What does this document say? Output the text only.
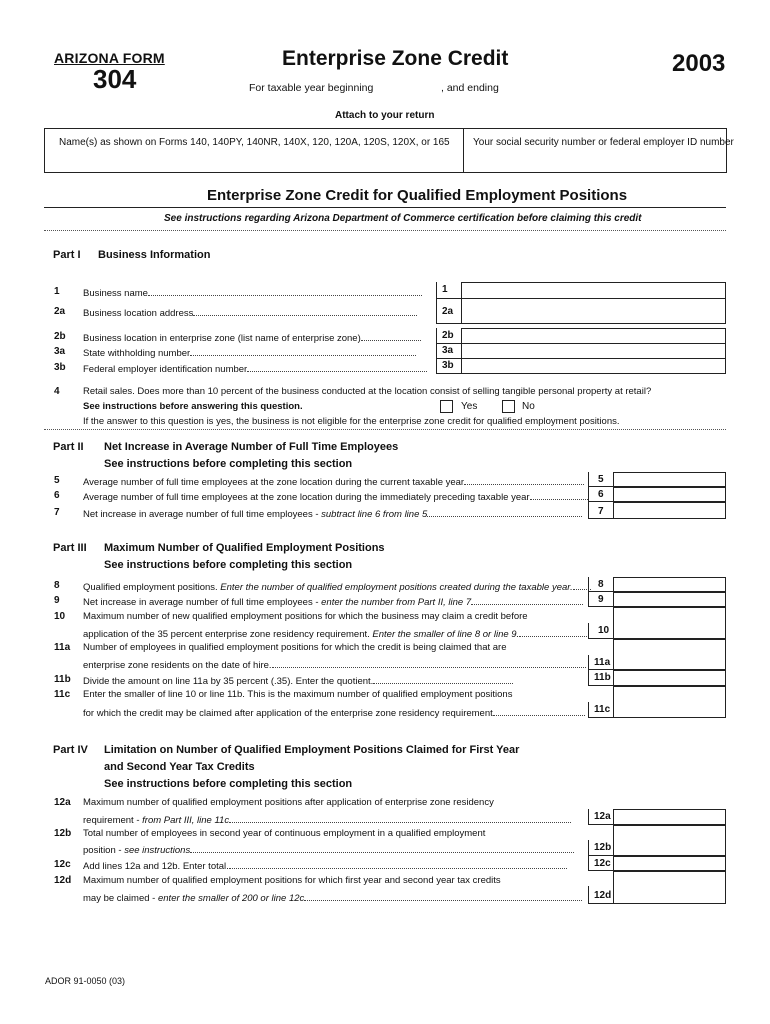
ARIZONA FORM
304
Enterprise Zone Credit	2003
For taxable year beginning	, and ending
Attach to your return
Name(s) as shown on Forms 140, 140PY, 140NR, 140X, 120, 120A, 120S, 120X, or 165 Your social security number or federal employer ID number
Enterprise Zone Credit for Qualified Employment Positions
See instructions regarding Arizona Department of Commerce certification before claiming this credit
Part I Business Information
1 Business name	1
2a Business location address	2a
2b Business location in enterprise zone (list name of enterprise zone)	2b
3a State withholding number	3a
3b Federal employer identification number	3b
4 Retail sales. Does more than 10 percent of the business conducted at the location consist of selling tangible personal property at retail?
See instructions before answering this question.	Yes	No
If the answer to this question is yes, the business is not eligible for the enterprise zone credit for qualified employment positions.
Part II Net Increase in Average Number of Full Time Employees
See instructions before completing this section
5 Average number of full time employees at the zone location during the current taxable year	5
6 Average number of full time employees at the zone location during the immediately preceding taxable year	6
7 Net increase in average number of full time employees - subtract line 6 from line 5	7
Part III Maximum Number of Qualified Employment Positions
See instructions before completing this section
8 Qualified employment positions. Enter the number of qualified employment positions created during the taxable year.	8
9 Net increase in average number of full time employees - enter the number from Part II, line 7	9
10 Maximum number of new qualified employment positions for which the business may claim a credit before
application of the 35 percent enterprise zone residency requirement. Enter the smaller of line 8 or line 9.	10
11a Number of employees in qualified employment positions for which the credit is being claimed that are
enterprise zone residents on the date of hire.	11a
11b Divide the amount on line 11a by 35 percent (.35). Enter the quotient.	11b
11c Enter the smaller of line 10 or line 11b. This is the maximum number of qualified employment positions
for which the credit may be claimed after application of the enterprise zone residency requirement	11c
Part IV Limitation on Number of Qualified Employment Positions Claimed for First Year
and Second Year Tax Credits
See instructions before completing this section
12a Maximum number of qualified employment positions after application of enterprise zone residency
requirement - from Part III, line 11c	12a
12b Total number of employees in second year of continuous employment in a qualified employment
position - see instructions	12b
12c Add lines 12a and 12b. Enter total.	12c
12d Maximum number of qualified employment positions for which first year and second year tax credits
may be claimed - enter the smaller of 200 or line 12c	12d
ADOR 91-0050 (03)
